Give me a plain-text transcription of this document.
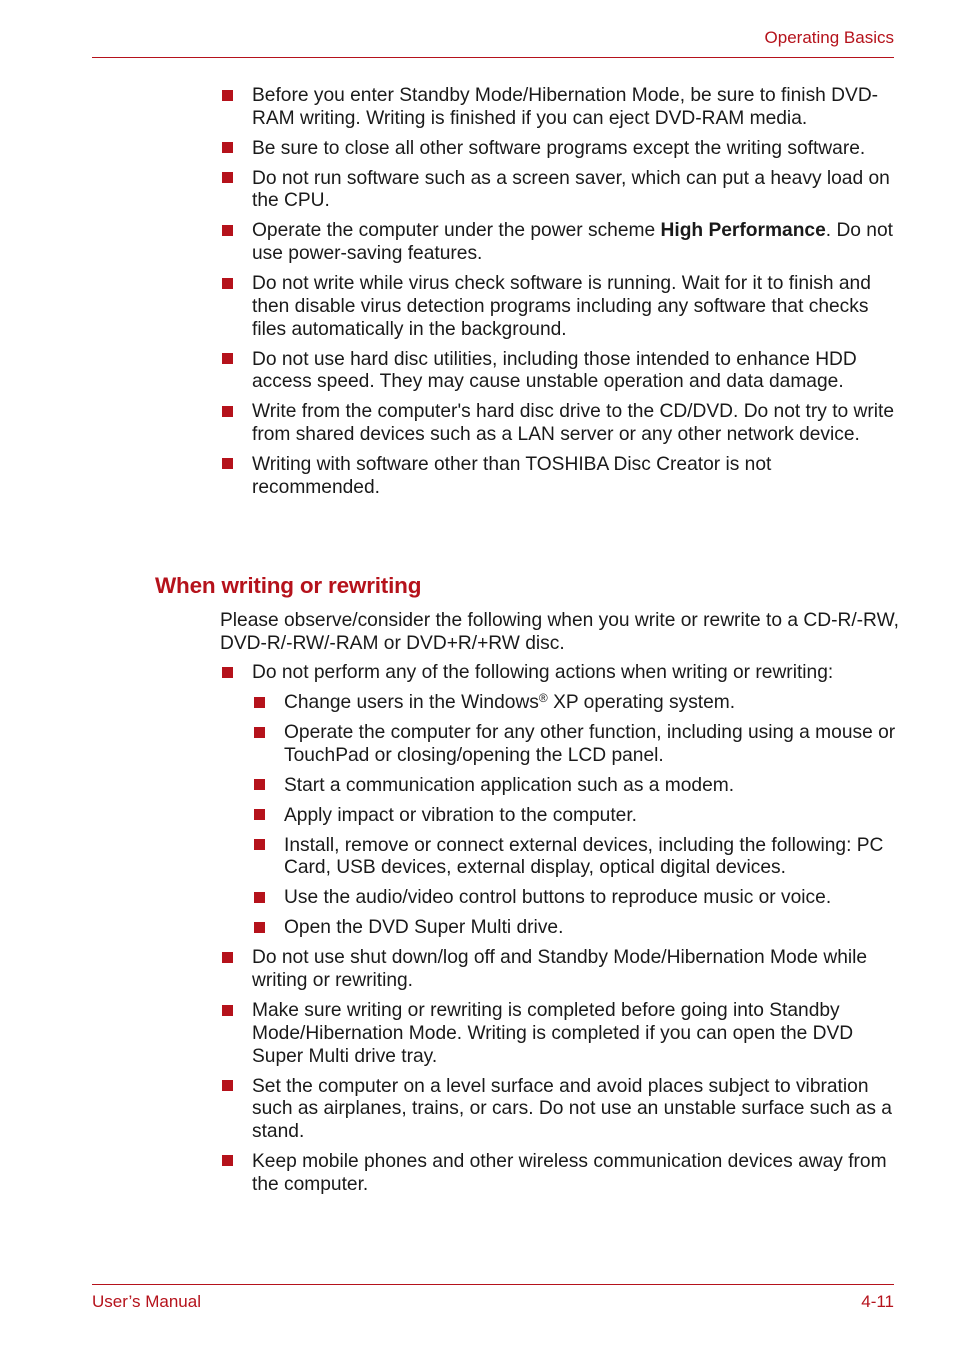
Operating Basics
Before you enter Standby Mode/Hibernation Mode, be sure to finish DVD-RAM writing. Writing is finished if you can eject DVD-RAM media.
Be sure to close all other software programs except the writing software.
Do not run software such as a screen saver, which can put a heavy load on the CPU.
Operate the computer under the power scheme High Performance. Do not use power-saving features.
Do not write while virus check software is running. Wait for it to finish and then disable virus detection programs including any software that checks files automatically in the background.
Do not use hard disc utilities, including those intended to enhance HDD access speed. They may cause unstable operation and data damage.
Write from the computer's hard disc drive to the CD/DVD. Do not try to write from shared devices such as a LAN server or any other network device.
Writing with software other than TOSHIBA Disc Creator is not recommended.
When writing or rewriting

Please observe/consider the following when you write or rewrite to a CD-R/-RW, DVD-R/-RW/-RAM or DVD+R/+RW disc.

Do not perform any of the following actions when writing or rewriting:
Change users in the Windows® XP operating system.
Operate the computer for any other function, including using a mouse or TouchPad or closing/opening the LCD panel.
Start a communication application such as a modem.
Apply impact or vibration to the computer.
Install, remove or connect external devices, including the following: PC Card, USB devices, external display, optical digital devices.
Use the audio/video control buttons to reproduce music or voice.
Open the DVD Super Multi drive.
Do not use shut down/log off and Standby Mode/Hibernation Mode while writing or rewriting.
Make sure writing or rewriting is completed before going into Standby Mode/Hibernation Mode. Writing is completed if you can open the DVD Super Multi drive tray.
Set the computer on a level surface and avoid places subject to vibration such as airplanes, trains, or cars. Do not use an unstable surface such as a stand.
Keep mobile phones and other wireless communication devices away from the computer.
User’s Manual	4-11
